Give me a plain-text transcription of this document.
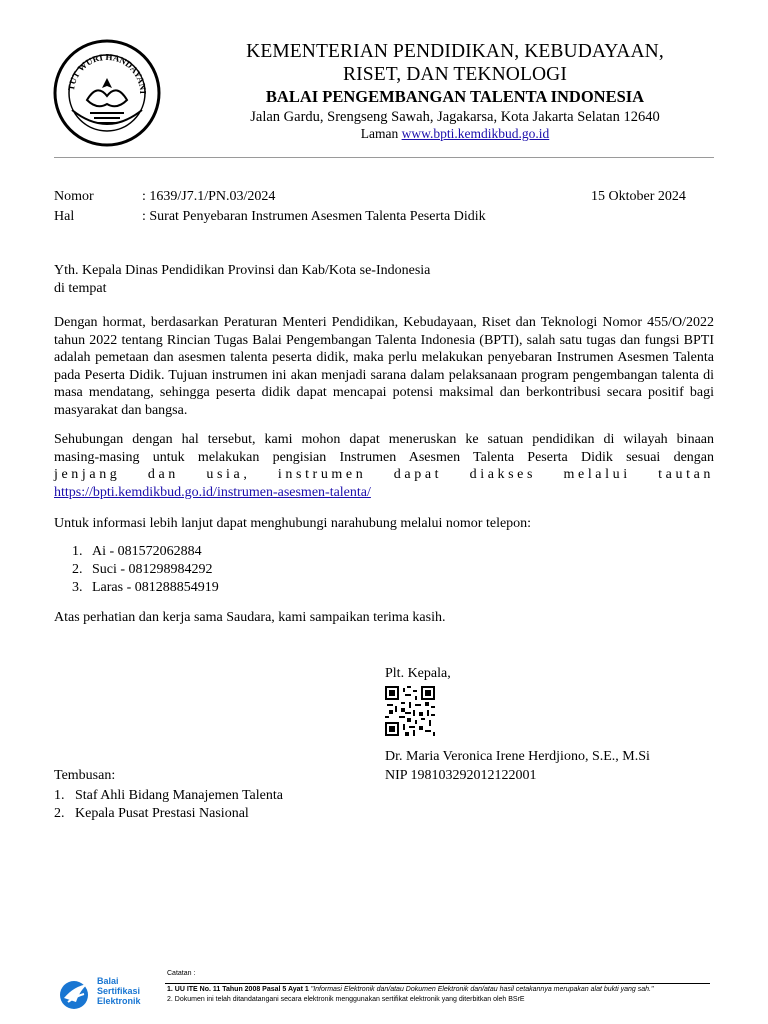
TUT WURI HANDAYANI
KEMENTERIAN PENDIDIKAN, KEBUDAYAAN,
RISET, DAN TEKNOLOGI
BALAI PENGEMBANGAN TALENTA INDONESIA
Jalan Gardu, Srengseng Sawah, Jagakarsa, Kota Jakarta Selatan 12640
Laman www.bpti.kemdikbud.go.id
Nomor	: 1639/J7.1/PN.03/2024	15 Oktober 2024
Hal	: Surat Penyebaran Instrumen Asesmen Talenta Peserta Didik
Yth. Kepala Dinas Pendidikan Provinsi dan Kab/Kota se-Indonesia
di tempat
Dengan hormat, berdasarkan Peraturan Menteri Pendidikan, Kebudayaan, Riset dan Teknologi Nomor 455/O/2022 tahun 2022 tentang Rincian Tugas Balai Pengembangan Talenta Indonesia (BPTI), salah satu tugas dan fungsi BPTI adalah pemetaan dan asesmen talenta peserta didik, maka perlu melakukan penyebaran Instrumen Asesmen Talenta pada Peserta Didik. Tujuan instrumen ini akan menjadi sarana dalam pelaksanaan program pengembangan talenta di masa mendatang, sehingga peserta didik dapat mencapai potensi maksimal dan berkontribusi secara positif bagi masyarakat dan bangsa.
Sehubungan dengan hal tersebut, kami mohon dapat meneruskan ke satuan pendidikan di wilayah binaan
masing-masing untuk melakukan pengisian Instrumen Asesmen Talenta Peserta Didik sesuai dengan
jenjang dan usia, instrumen dapat diakses melalui tautan
https://bpti.kemdikbud.go.id/instrumen-asesmen-talenta/
Untuk informasi lebih lanjut dapat menghubungi narahubung melalui nomor telepon:
1. Ai - 081572062884
2. Suci - 081298984292
3. Laras - 081288854919
Atas perhatian dan kerja sama Saudara, kami sampaikan terima kasih.
Plt. Kepala,
Dr. Maria Veronica Irene Herdjiono, S.E., M.Si
NIP 198103292012122001
Tembusan:
1. Staf Ahli Bidang Manajemen Talenta
2. Kepala Pusat Prestasi Nasional
Balai
Sertifikasi
Elektronik
Catatan :
1. UU ITE No. 11 Tahun 2008 Pasal 5 Ayat 1 "Informasi Elektronik dan/atau Dokumen Elektronik dan/atau hasil cetakannya merupakan alat bukti yang sah."
2. Dokumen ini telah ditandatangani secara elektronik menggunakan sertifikat elektronik yang diterbitkan oleh BSrE
